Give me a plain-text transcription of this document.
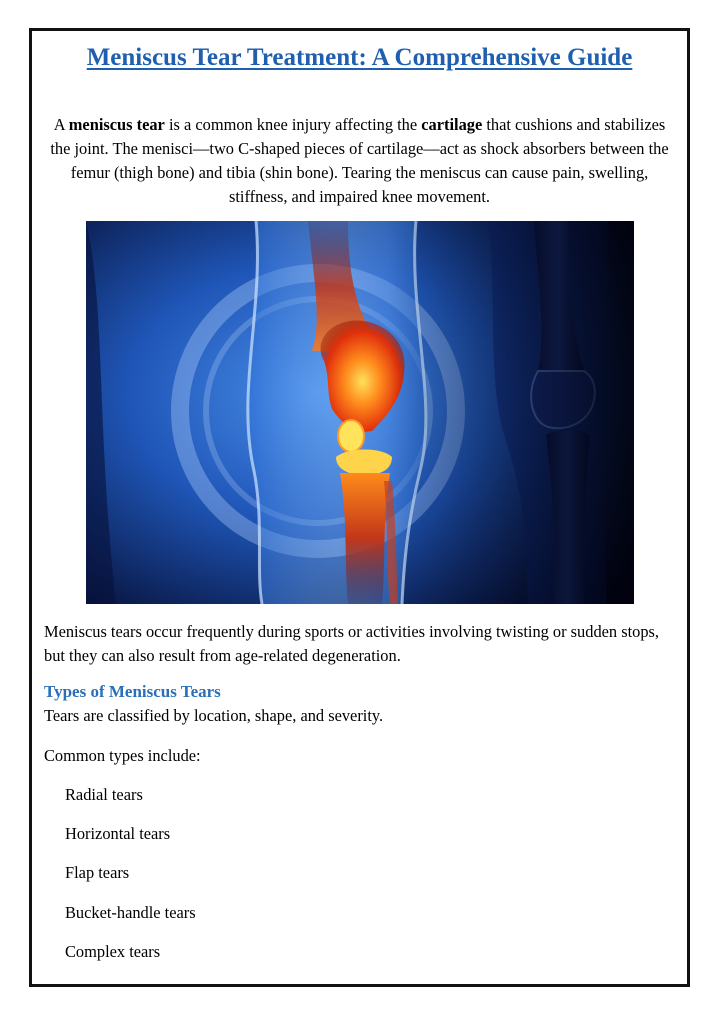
Meniscus Tear Treatment: A Comprehensive Guide

A meniscus tear is a common knee injury affecting the cartilage that cushions and stabilizes the joint. The menisci—two C-shaped pieces of cartilage—act as shock absorbers between the femur (thigh bone) and tibia (shin bone). Tearing the meniscus can cause pain, swelling, stiffness, and impaired knee movement.

Meniscus tears occur frequently during sports or activities involving twisting or sudden stops, but they can also result from age-related degeneration.

Types of Meniscus Tears

Tears are classified by location, shape, and severity.

Common types include:

Radial tears
Horizontal tears
Flap tears
Bucket-handle tears
Complex tears
